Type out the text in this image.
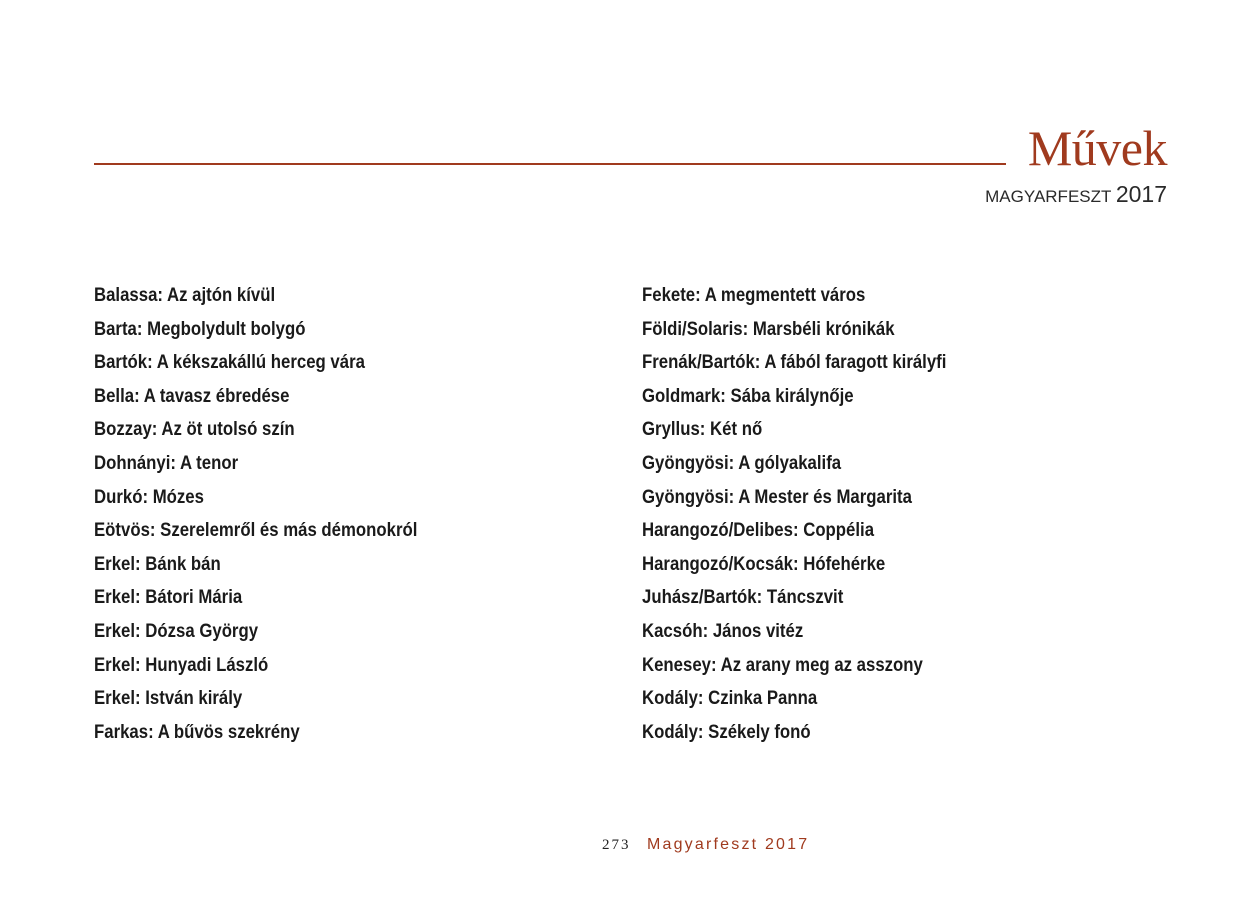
Művek
MAGYARFESZT 2017
Balassa: Az ajtón kívül
Barta: Megbolydult bolygó
Bartók: A kékszakállú herceg vára
Bella: A tavasz ébredése
Bozzay: Az öt utolsó szín
Dohnányi: A tenor
Durkó: Mózes
Eötvös: Szerelemről és más démonokról
Erkel: Bánk bán
Erkel: Bátori Mária
Erkel: Dózsa György
Erkel: Hunyadi László
Erkel: István király
Farkas: A bűvös szekrény
Fekete: A megmentett város
Földi/Solaris: Marsbéli krónikák
Frenák/Bartók: A fából faragott királyfi
Goldmark: Sába királynője
Gryllus: Két nő
Gyöngyösi: A gólyakalifa
Gyöngyösi: A Mester és Margarita
Harangozó/Delibes: Coppélia
Harangozó/Kocsák: Hófehérke
Juhász/Bartók: Táncszvit
Kacsóh: János vitéz
Kenesey: Az arany meg az asszony
Kodály: Czinka Panna
Kodály: Székely fonó
273 Magyarfeszt 2017
